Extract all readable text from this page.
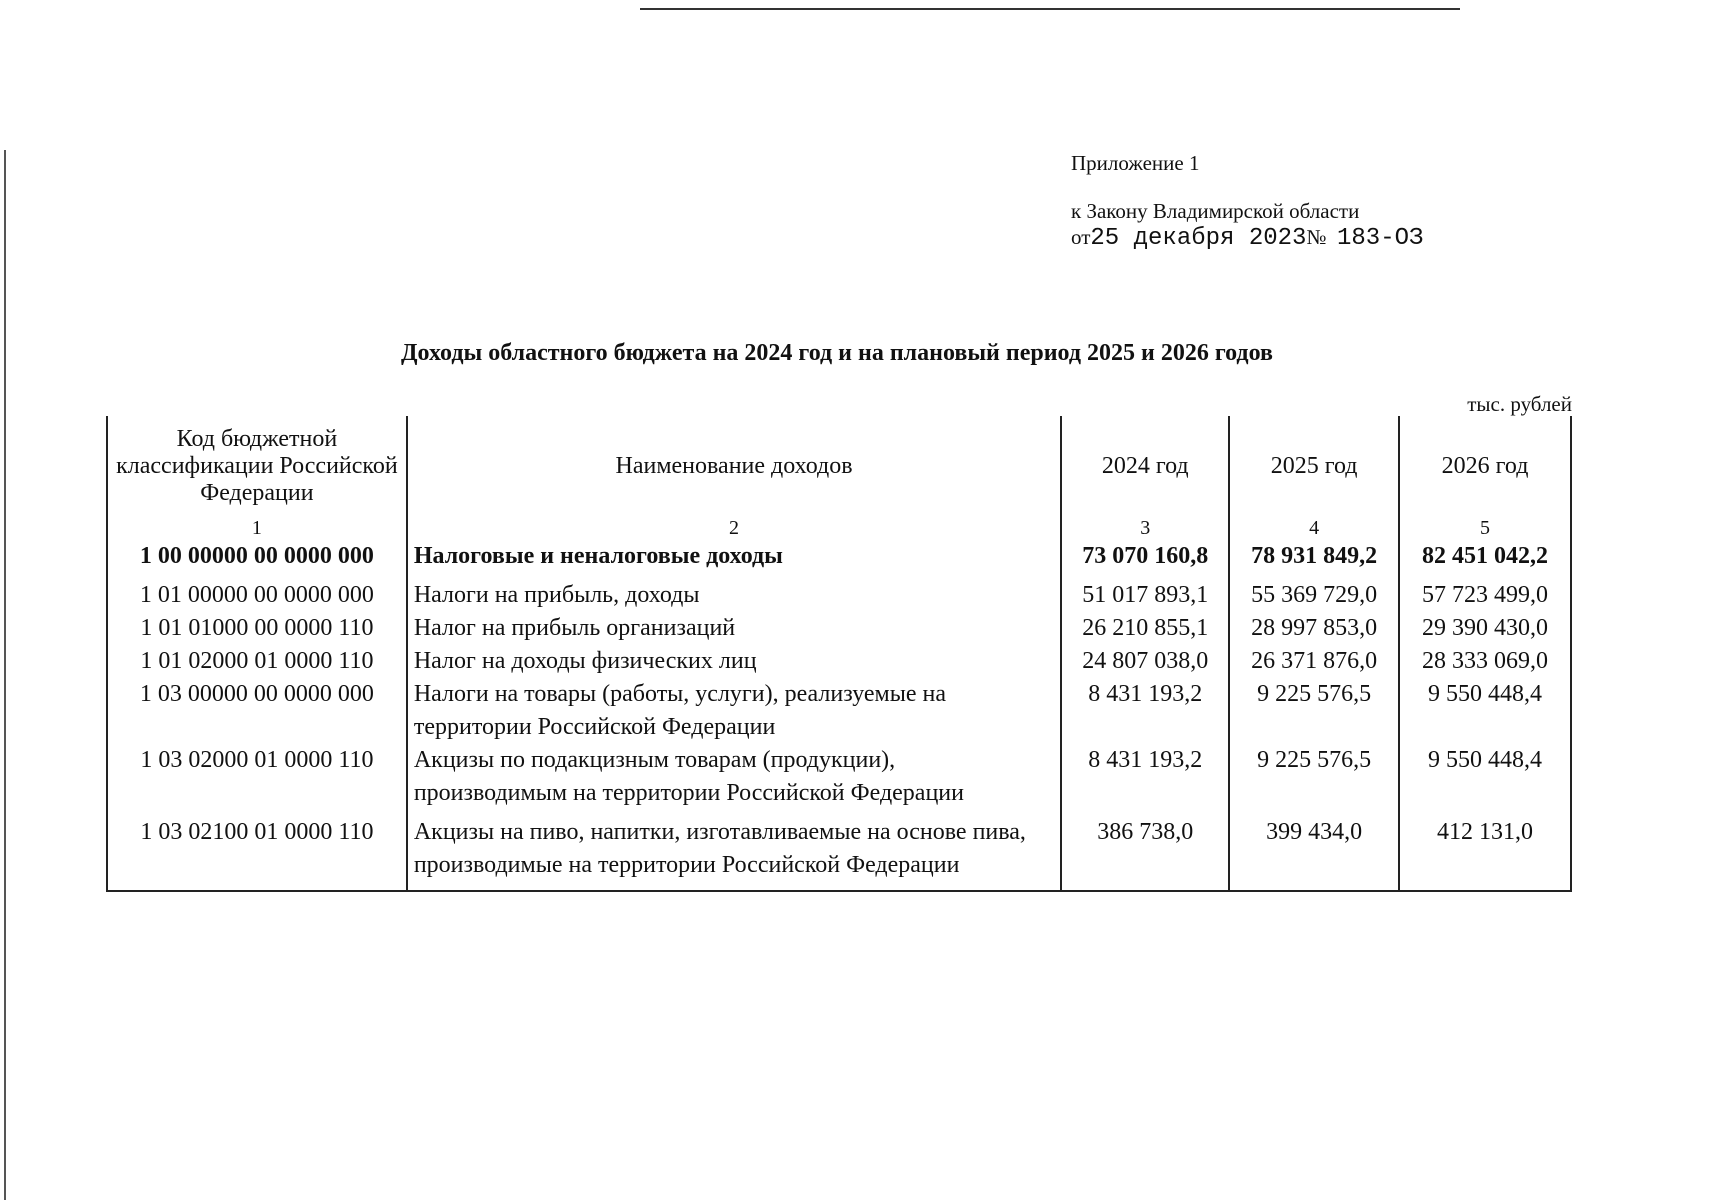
Приложение 1
к Закону Владимирской области
от25 декабря 2023№ 183-ОЗ
Доходы областного бюджета на 2024 год и на плановый период 2025 и 2026 годов
тыс. рублей
Код бюджетной классификации Российской Федерации	Наименование доходов	2024 год	2025 год	2026 год
1	2	3	4	5
1 00 00000 00 0000 000	Налоговые и неналоговые доходы	73 070 160,8	78 931 849,2	82 451 042,2
1 01 00000 00 0000 000	Налоги на прибыль, доходы	51 017 893,1	55 369 729,0	57 723 499,0
1 01 01000 00 0000 110	Налог на прибыль организаций	26 210 855,1	28 997 853,0	29 390 430,0
1 01 02000 01 0000 110	Налог на доходы физических лиц	24 807 038,0	26 371 876,0	28 333 069,0
1 03 00000 00 0000 000	Налоги на товары (работы, услуги), реализуемые на территории Российской Федерации	8 431 193,2	9 225 576,5	9 550 448,4
1 03 02000 01 0000 110	Акцизы по подакцизным товарам (продукции), производимым на территории Российской Федерации	8 431 193,2	9 225 576,5	9 550 448,4
1 03 02100 01 0000 110	Акцизы на пиво, напитки, изготавливаемые на основе пива, производимые на территории Российской Федерации	386 738,0	399 434,0	412 131,0
